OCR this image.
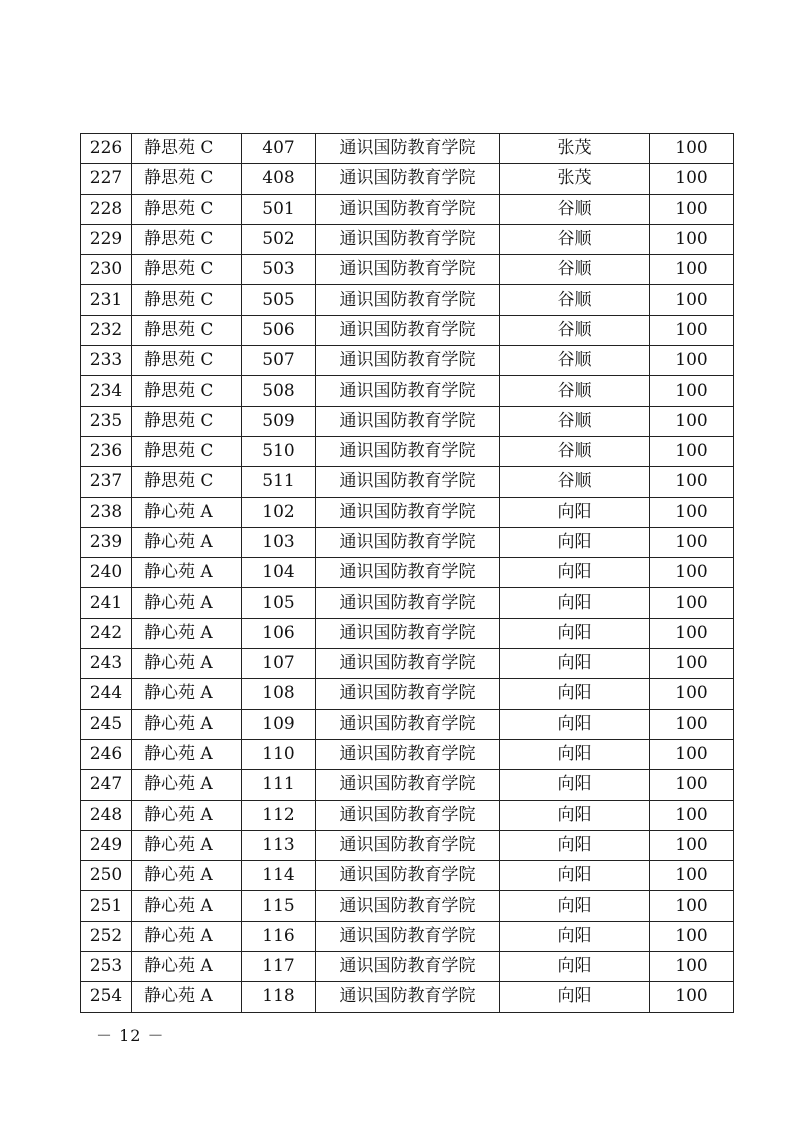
226	静思苑 C	407	通识国防教育学院	张茂	100
227	静思苑 C	408	通识国防教育学院	张茂	100
228	静思苑 C	501	通识国防教育学院	谷顺	100
229	静思苑 C	502	通识国防教育学院	谷顺	100
230	静思苑 C	503	通识国防教育学院	谷顺	100
231	静思苑 C	505	通识国防教育学院	谷顺	100
232	静思苑 C	506	通识国防教育学院	谷顺	100
233	静思苑 C	507	通识国防教育学院	谷顺	100
234	静思苑 C	508	通识国防教育学院	谷顺	100
235	静思苑 C	509	通识国防教育学院	谷顺	100
236	静思苑 C	510	通识国防教育学院	谷顺	100
237	静思苑 C	511	通识国防教育学院	谷顺	100
238	静心苑 A	102	通识国防教育学院	向阳	100
239	静心苑 A	103	通识国防教育学院	向阳	100
240	静心苑 A	104	通识国防教育学院	向阳	100
241	静心苑 A	105	通识国防教育学院	向阳	100
242	静心苑 A	106	通识国防教育学院	向阳	100
243	静心苑 A	107	通识国防教育学院	向阳	100
244	静心苑 A	108	通识国防教育学院	向阳	100
245	静心苑 A	109	通识国防教育学院	向阳	100
246	静心苑 A	110	通识国防教育学院	向阳	100
247	静心苑 A	111	通识国防教育学院	向阳	100
248	静心苑 A	112	通识国防教育学院	向阳	100
249	静心苑 A	113	通识国防教育学院	向阳	100
250	静心苑 A	114	通识国防教育学院	向阳	100
251	静心苑 A	115	通识国防教育学院	向阳	100
252	静心苑 A	116	通识国防教育学院	向阳	100
253	静心苑 A	117	通识国防教育学院	向阳	100
254	静心苑 A	118	通识国防教育学院	向阳	100
－ 12 －
